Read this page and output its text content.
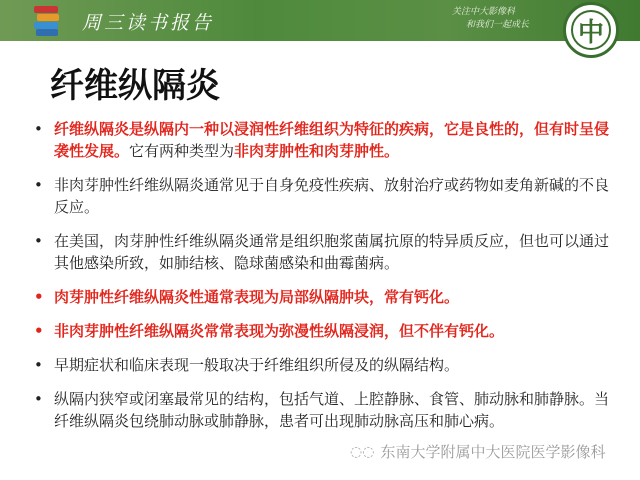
周三读书报告	关注中大影像科
和我们一起成长 中
纤维纵隔炎
• 纤维纵隔炎是纵隔内一种以浸润性纤维组织为特征的疾病，它是良性的，但有时呈侵袭性发展。它有两种类型为非肉芽肿性和肉芽肿性。
• 非肉芽肿性纤维纵隔炎通常见于自身免疫性疾病、放射治疗或药物如麦角新碱的不良反应。
• 在美国，肉芽肿性纤维纵隔炎通常是组织胞浆菌属抗原的特异质反应，但也可以通过其他感染所致，如肺结核、隐球菌感染和曲霉菌病。
• 肉芽肿性纤维纵隔炎性通常表现为局部纵隔肿块，常有钙化。
• 非肉芽肿性纤维纵隔炎常常表现为弥漫性纵隔浸润，但不伴有钙化。
• 早期症状和临床表现一般取决于纤维组织所侵及的纵隔结构。
• 纵隔内狭窄或闭塞最常见的结构，包括气道、上腔静脉、食管、肺动脉和肺静脉。当纤维纵隔炎包绕肺动脉或肺静脉，患者可出现肺动脉高压和肺心病。
◌◌ 东南大学附属中大医院医学影像科
